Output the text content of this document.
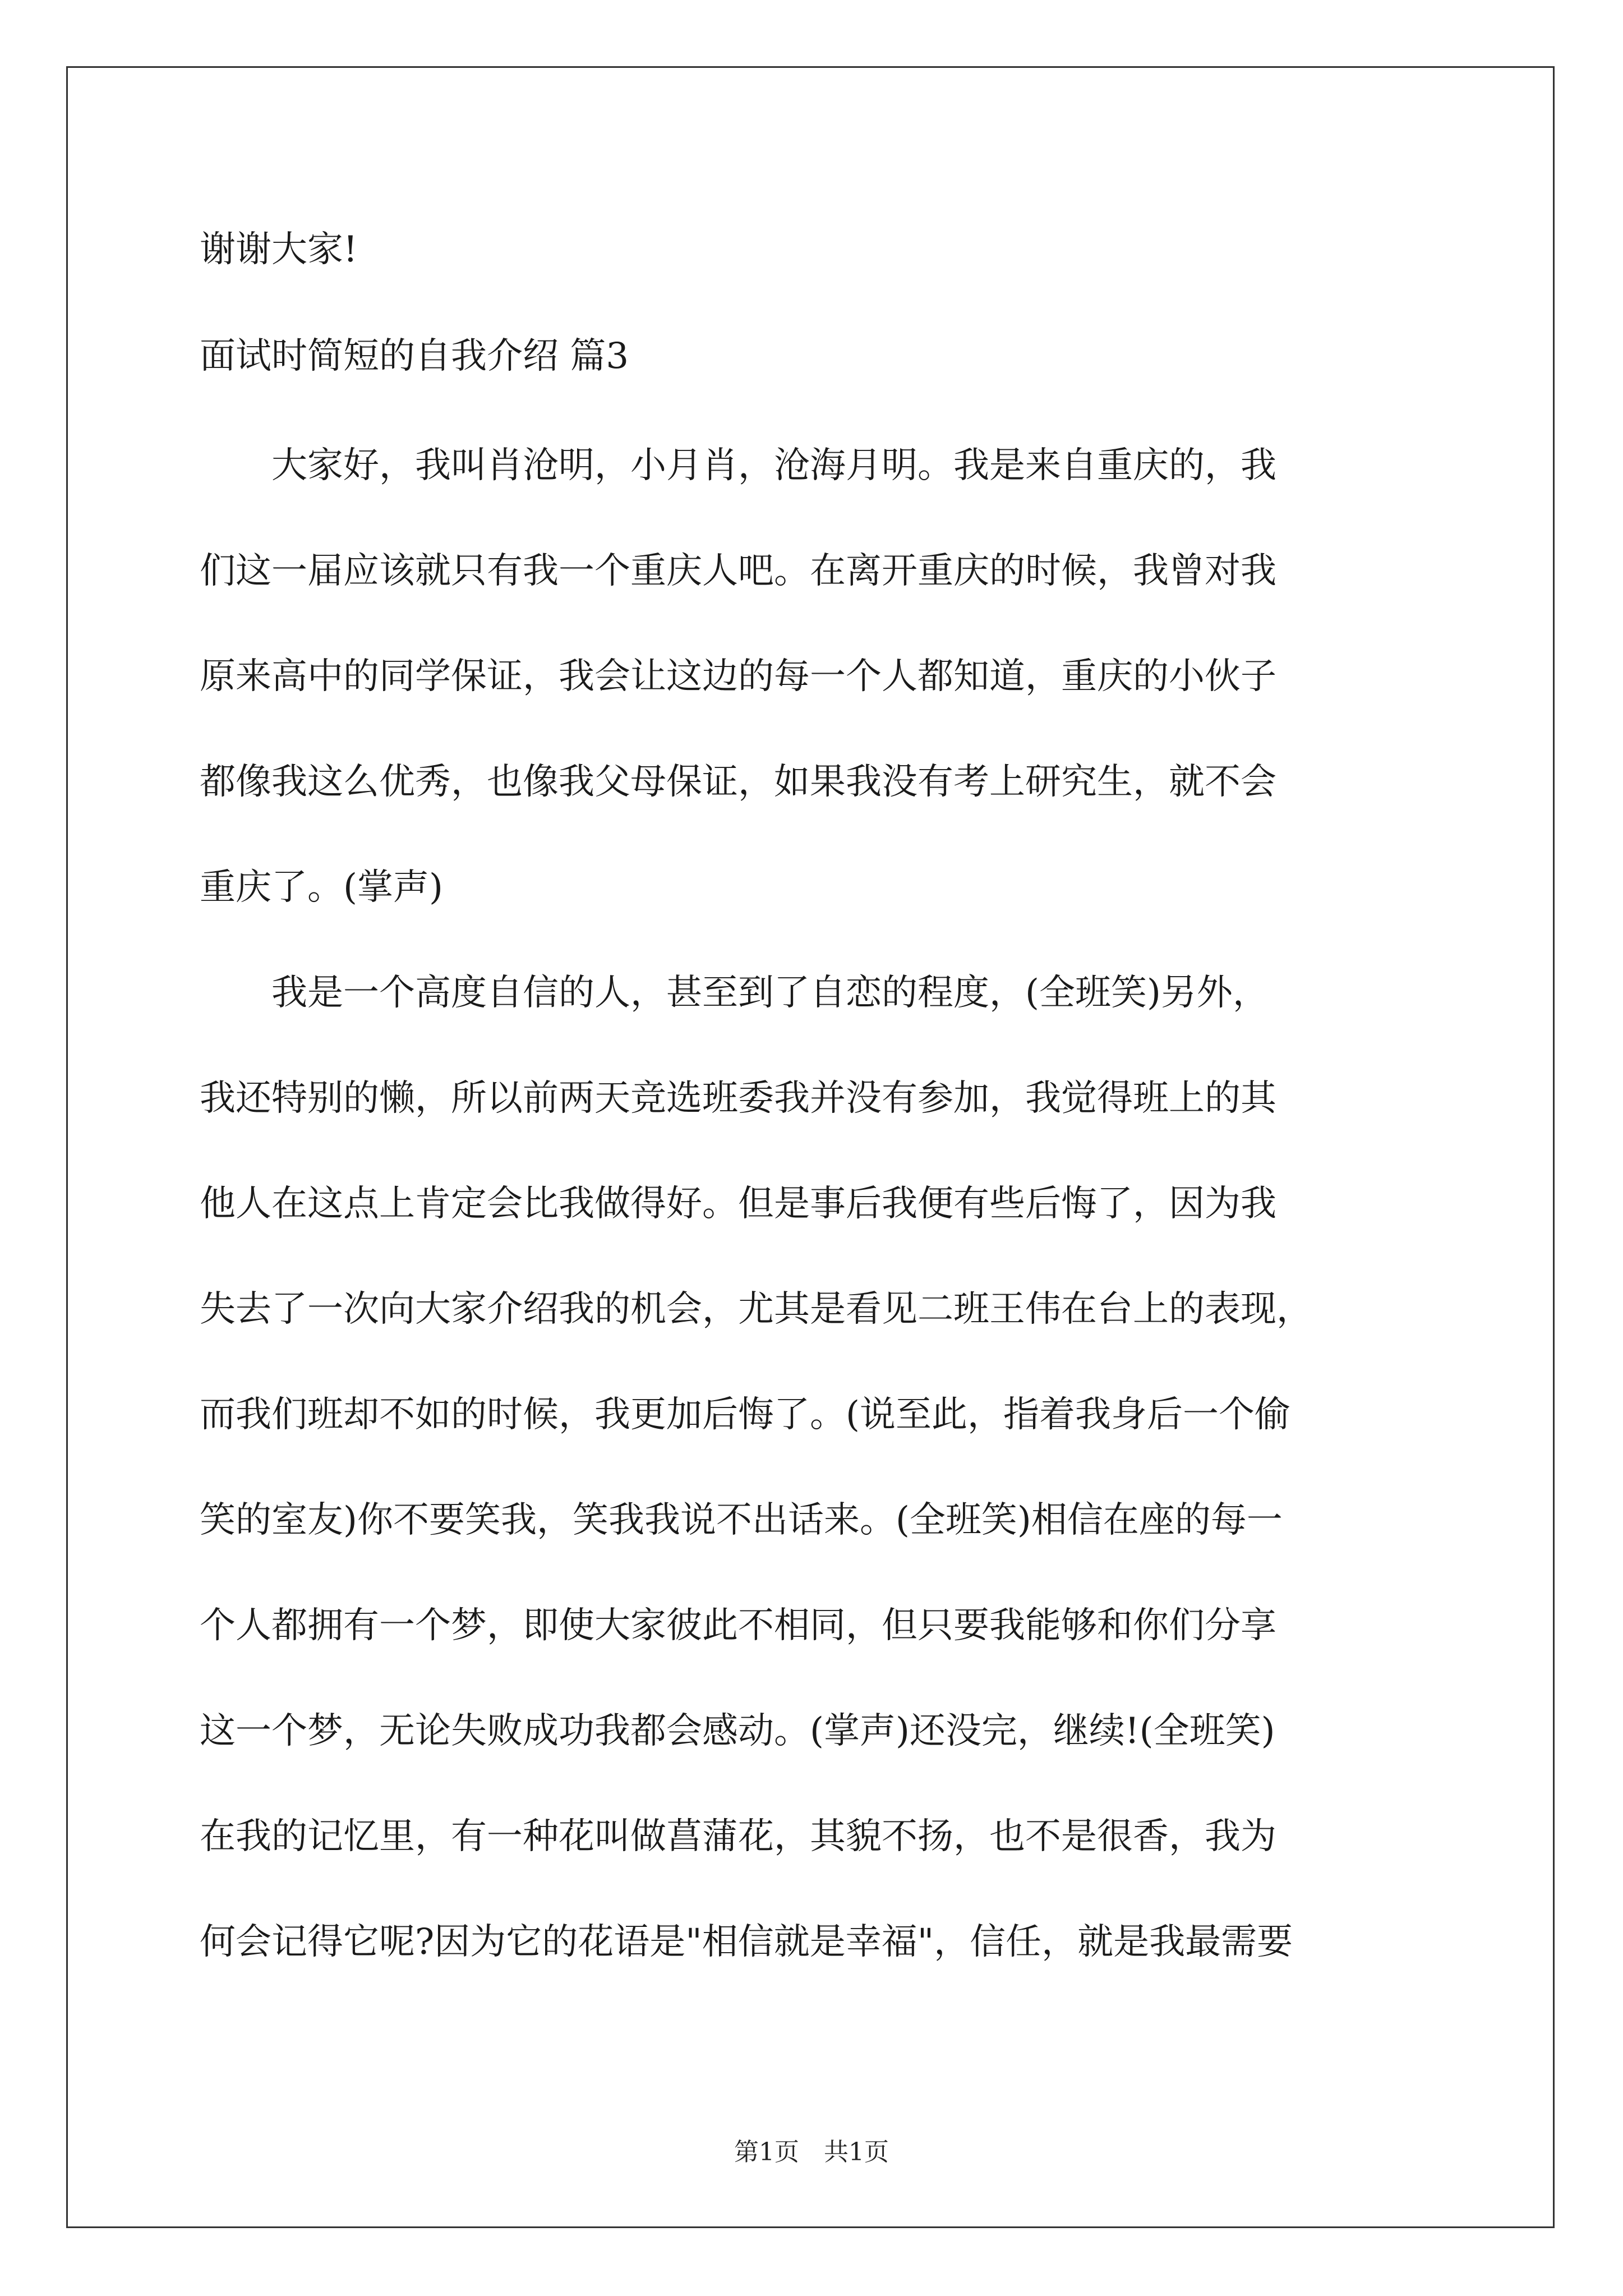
谢谢大家!
面试时简短的自我介绍 篇3
　　大家好，我叫肖沧明，小月肖，沧海月明。我是来自重庆的，我
们这一届应该就只有我一个重庆人吧。在离开重庆的时候，我曾对我
原来高中的同学保证，我会让这边的每一个人都知道，重庆的小伙子
都像我这么优秀，也像我父母保证，如果我没有考上研究生，就不会
重庆了。(掌声)
　　我是一个高度自信的人，甚至到了自恋的程度，(全班笑)另外，
我还特别的懒，所以前两天竞选班委我并没有参加，我觉得班上的其
他人在这点上肯定会比我做得好。但是事后我便有些后悔了，因为我
失去了一次向大家介绍我的机会，尤其是看见二班王伟在台上的表现，
而我们班却不如的时候，我更加后悔了。(说至此，指着我身后一个偷
笑的室友)你不要笑我，笑我我说不出话来。(全班笑)相信在座的每一
个人都拥有一个梦，即使大家彼此不相同，但只要我能够和你们分享
这一个梦，无论失败成功我都会感动。(掌声)还没完，继续!(全班笑)
在我的记忆里，有一种花叫做菖蒲花，其貌不扬，也不是很香，我为
何会记得它呢?因为它的花语是"相信就是幸福"，信任，就是我最需要
第1页　共1页
